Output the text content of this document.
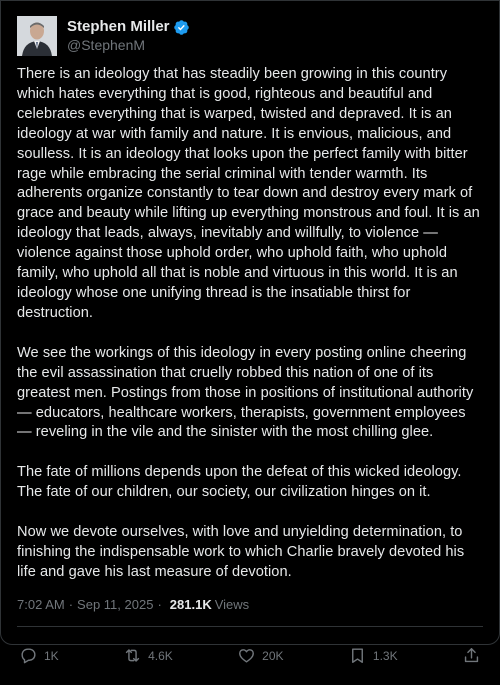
Stephen Miller
@StephenM

There is an ideology that has steadily been growing in this country which hates everything that is good, righteous and beautiful and celebrates everything that is warped, twisted and depraved. It is an ideology at war with family and nature. It is envious, malicious, and soulless. It is an ideology that looks upon the perfect family with bitter rage while embracing the serial criminal with tender warmth. Its adherents organize constantly to tear down and destroy every mark of grace and beauty while lifting up everything monstrous and foul. It is an ideology that leads, always, inevitably and willfully, to violence — violence against those uphold order, who uphold faith, who uphold family, who uphold all that is noble and virtuous in this world. It is an ideology whose one unifying thread is the insatiable thirst for destruction.

We see the workings of this ideology in every posting online cheering the evil assassination that cruelly robbed this nation of one of its greatest men. Postings from those in positions of institutional authority — educators, healthcare workers, therapists, government employees — reveling in the vile and the sinister with the most chilling glee.

The fate of millions depends upon the defeat of this wicked ideology. The fate of our children, our society, our civilization hinges on it.

Now we devote ourselves, with love and unyielding determination, to finishing the indispensable work to which Charlie bravely devoted his life and gave his last measure of devotion.

7:02 AM · Sep 11, 2025 · 281.1K Views
1K	4.6K	20K	1.3K
